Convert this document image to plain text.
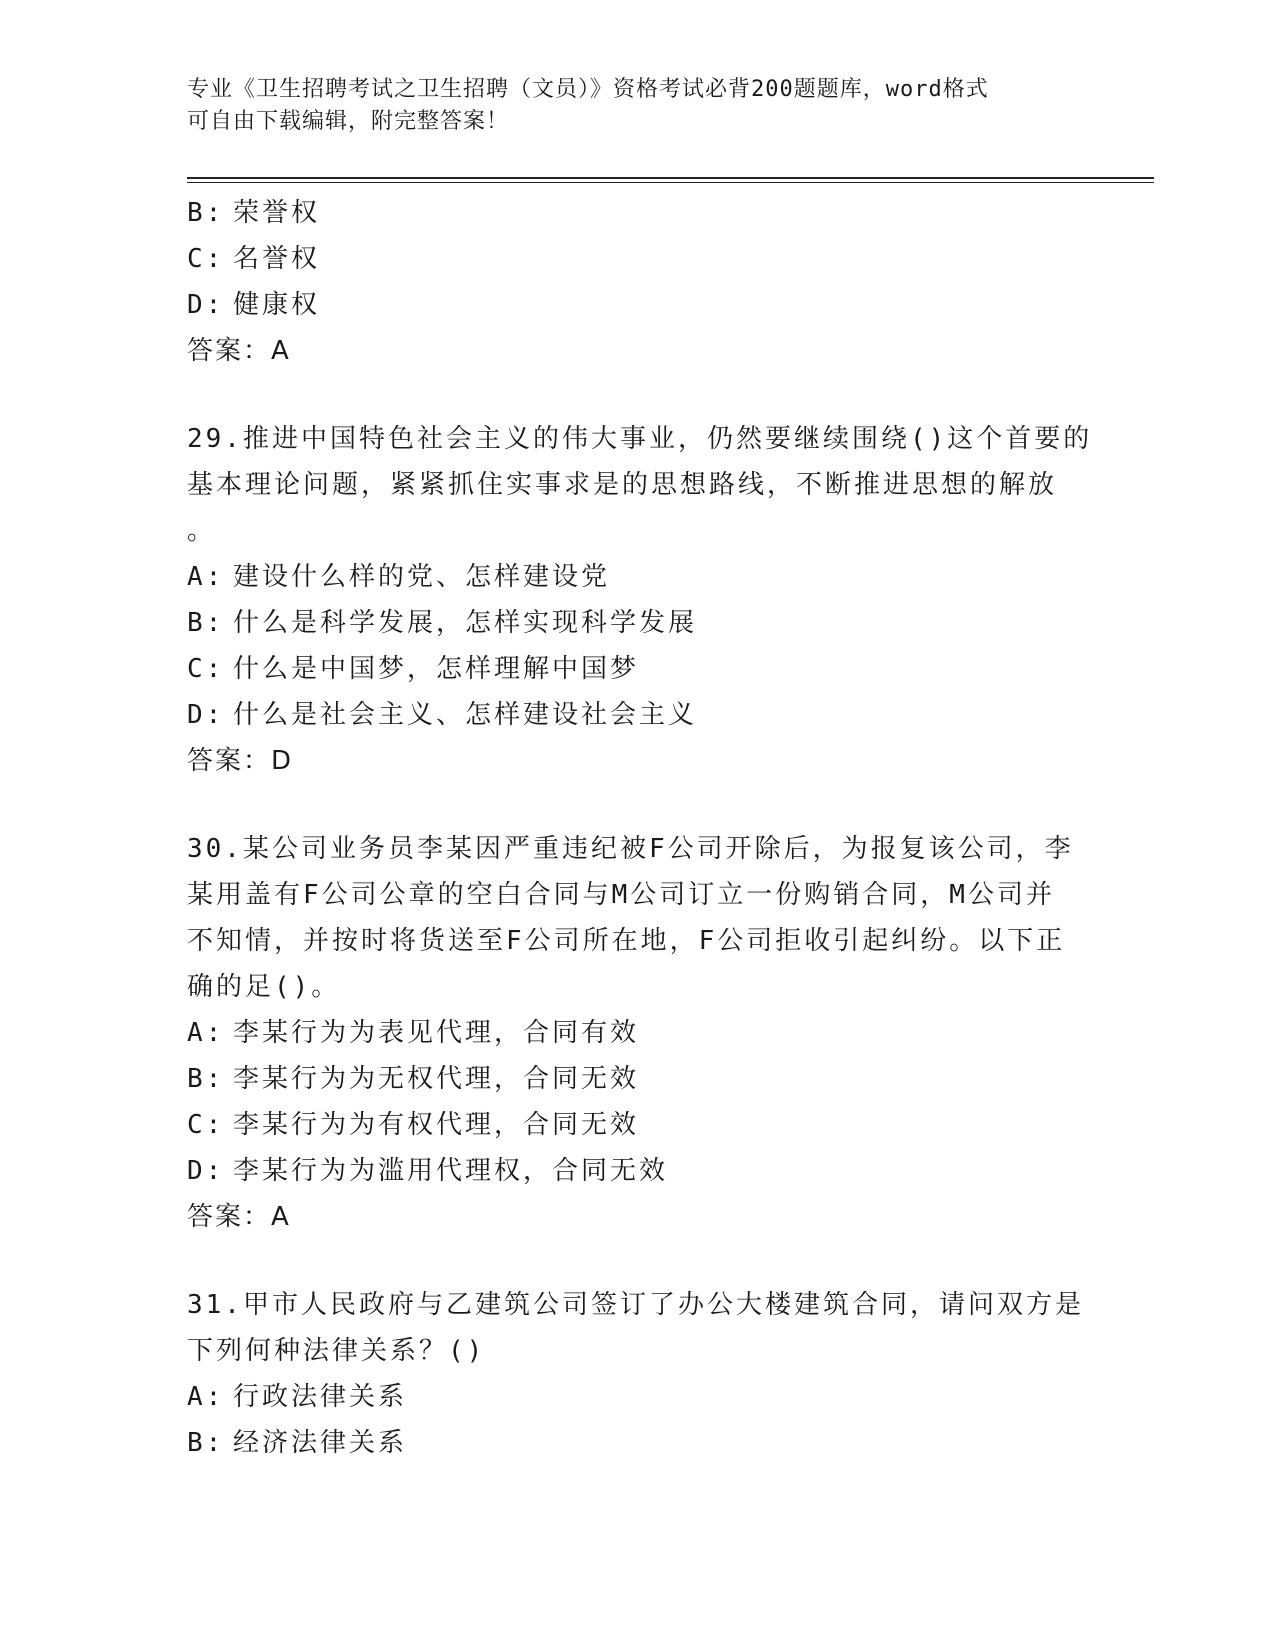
专业《卫生招聘考试之卫生招聘（文员）》资格考试必背200题题库，word格式
可自由下载编辑，附完整答案！
B: 荣誉权
C: 名誉权
D: 健康权
答案：A
29.推进中国特色社会主义的伟大事业，仍然要继续围绕()这个首要的
基本理论问题，紧紧抓住实事求是的思想路线，不断推进思想的解放
。
A: 建设什么样的党、怎样建设党
B: 什么是科学发展，怎样实现科学发展
C: 什么是中国梦，怎样理解中国梦
D: 什么是社会主义、怎样建设社会主义
答案：D
30.某公司业务员李某因严重违纪被F公司开除后，为报复该公司，李
某用盖有F公司公章的空白合同与M公司订立一份购销合同，M公司并
不知情，并按时将货送至F公司所在地，F公司拒收引起纠纷。以下正
确的足()。
A: 李某行为为表见代理，合同有效
B: 李某行为为无权代理，合同无效
C: 李某行为为有权代理，合同无效
D: 李某行为为滥用代理权，合同无效
答案：A
31.甲市人民政府与乙建筑公司签订了办公大楼建筑合同，请问双方是
下列何种法律关系？()
A: 行政法律关系
B: 经济法律关系
